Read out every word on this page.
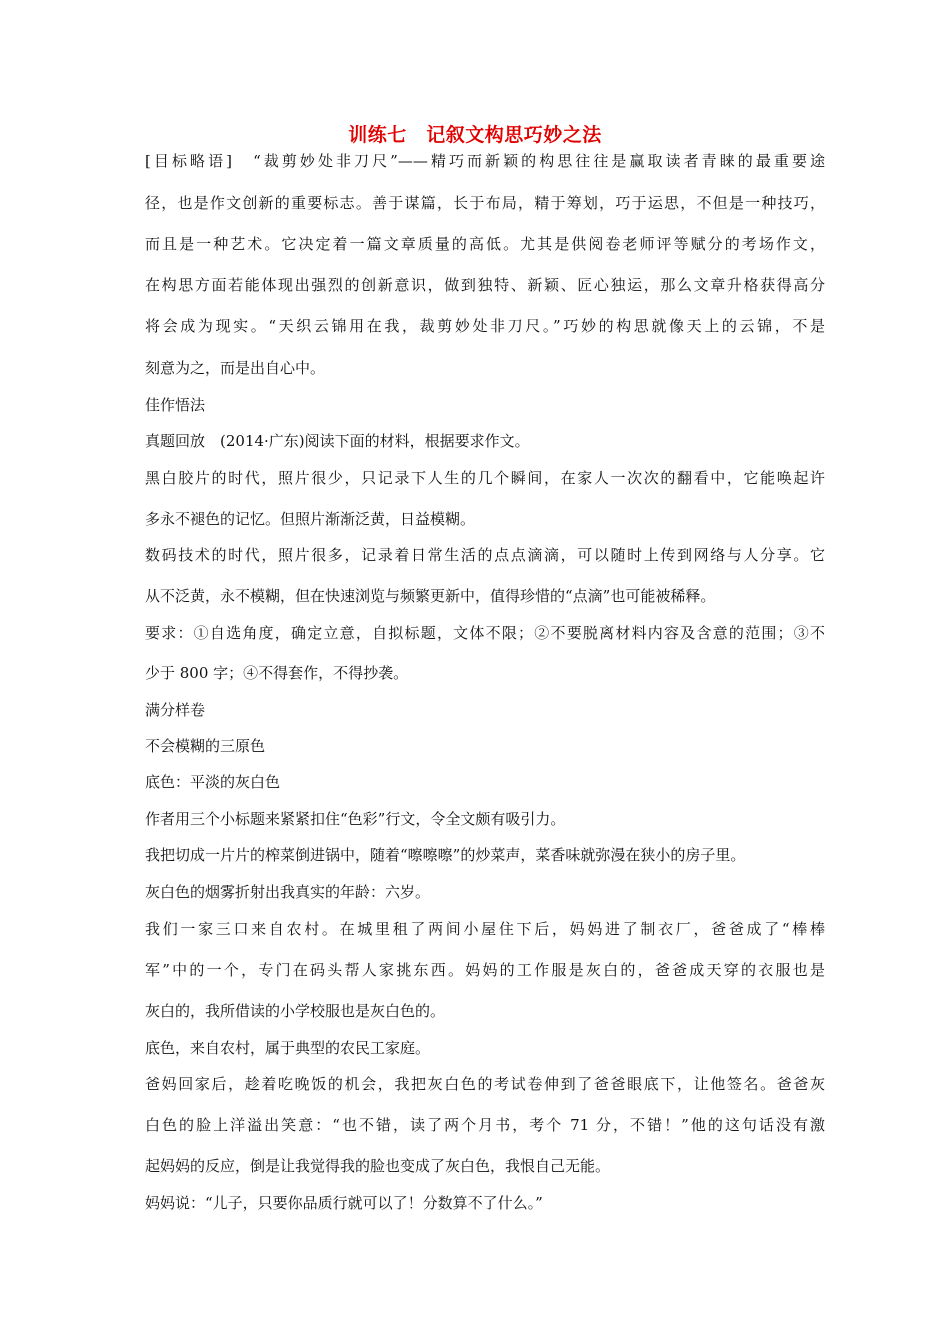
训练七　记叙文构思巧妙之法
[目标略语]　“裁剪妙处非刀尺”——精巧而新颖的构思往往是赢取读者青睐的最重要途
径，也是作文创新的重要标志。善于谋篇，长于布局，精于筹划，巧于运思，不但是一种技巧，
而且是一种艺术。它决定着一篇文章质量的高低。尤其是供阅卷老师评等赋分的考场作文，
在构思方面若能体现出强烈的创新意识，做到独特、新颖、匠心独运，那么文章升格获得高分
将会成为现实。“天织云锦用在我，裁剪妙处非刀尺。”巧妙的构思就像天上的云锦，不是
刻意为之，而是出自心中。
佳作悟法
真题回放　(2014·广东)阅读下面的材料，根据要求作文。
黑白胶片的时代，照片很少，只记录下人生的几个瞬间，在家人一次次的翻看中，它能唤起许
多永不褪色的记忆。但照片渐渐泛黄，日益模糊。
数码技术的时代，照片很多，记录着日常生活的点点滴滴，可以随时上传到网络与人分享。它
从不泛黄，永不模糊，但在快速浏览与频繁更新中，值得珍惜的“点滴”也可能被稀释。
要求：①自选角度，确定立意，自拟标题，文体不限；②不要脱离材料内容及含意的范围；③不
少于 800 字；④不得套作，不得抄袭。
满分样卷
不会模糊的三原色
底色：平淡的灰白色
作者用三个小标题来紧紧扣住“色彩”行文，令全文颇有吸引力。
我把切成一片片的榨菜倒进锅中，随着“嚓嚓嚓”的炒菜声，菜香味就弥漫在狭小的房子里。
灰白色的烟雾折射出我真实的年龄：六岁。
我们一家三口来自农村。在城里租了两间小屋住下后，妈妈进了制衣厂，爸爸成了“棒棒
军”中的一个，专门在码头帮人家挑东西。妈妈的工作服是灰白的，爸爸成天穿的衣服也是
灰白的，我所借读的小学校服也是灰白色的。
底色，来自农村，属于典型的农民工家庭。
爸妈回家后，趁着吃晚饭的机会，我把灰白色的考试卷伸到了爸爸眼底下，让他签名。爸爸灰
白色的脸上洋溢出笑意：“也不错，读了两个月书，考个 71 分，不错！”他的这句话没有激
起妈妈的反应，倒是让我觉得我的脸也变成了灰白色，我恨自己无能。
妈妈说：“儿子，只要你品质行就可以了！分数算不了什么。”
